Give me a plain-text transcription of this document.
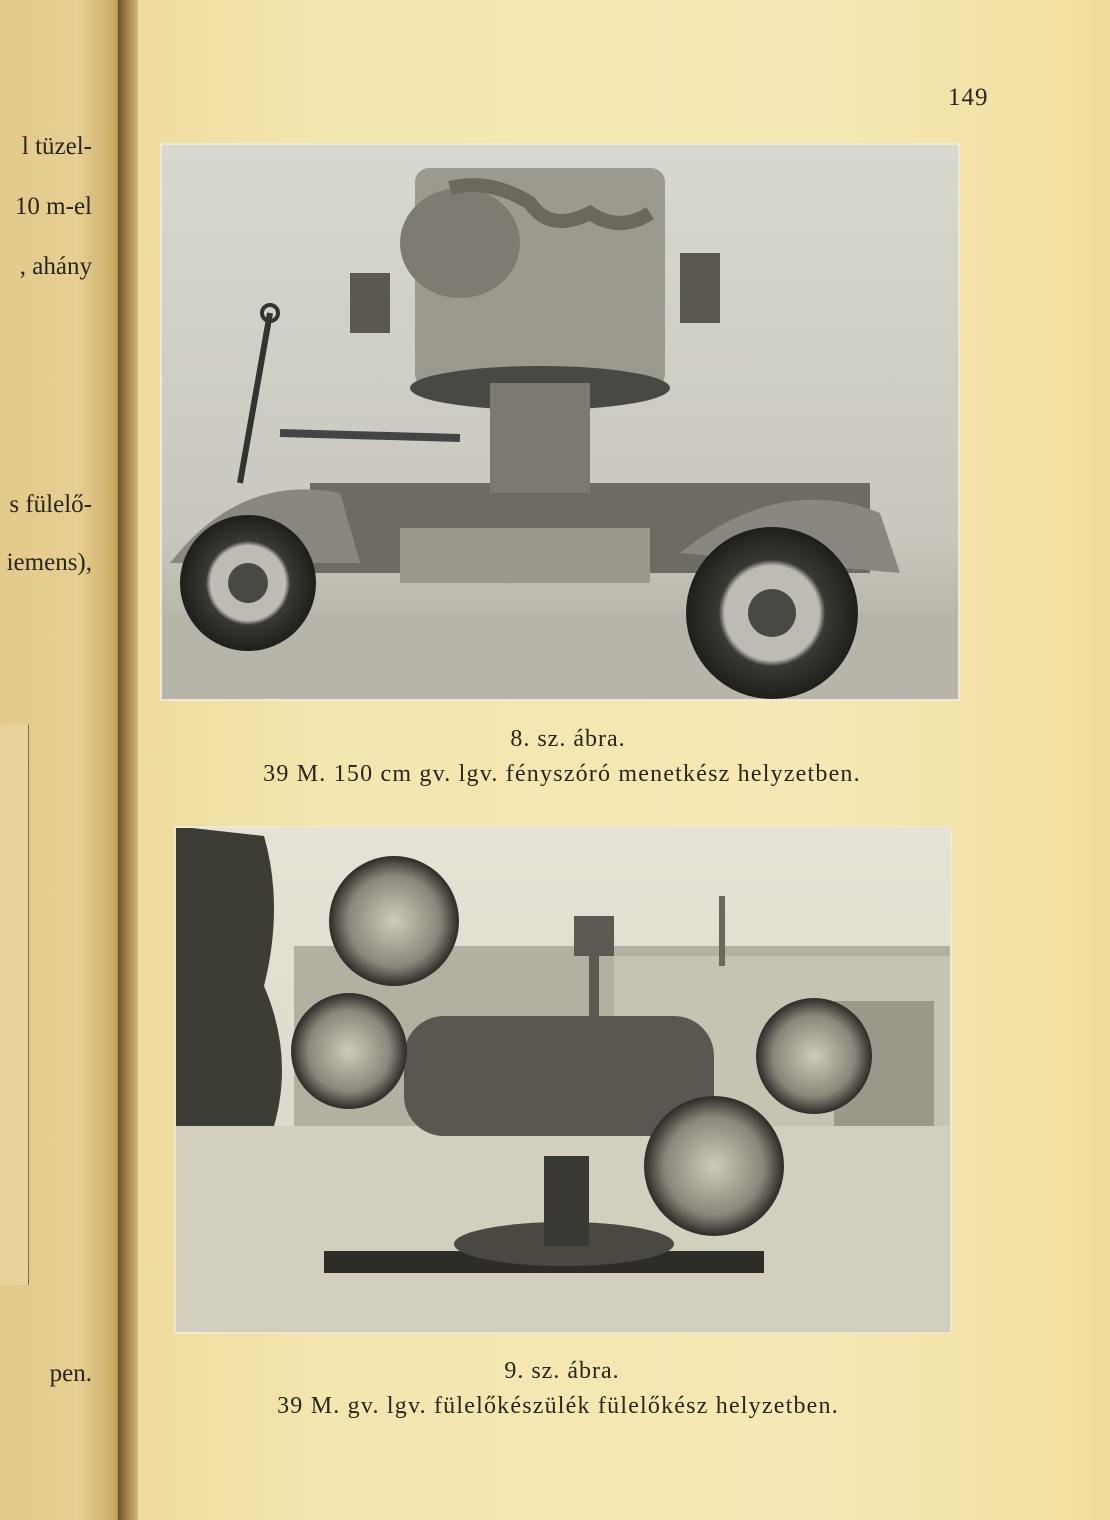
l tüzel-
10 m-el
, ahány
s fülelő-
iemens),
pen.
149
8. sz. ábra.
39 M. 150 cm gv. lgv. fényszóró menetkész helyzetben.
9. sz. ábra.
39 M. gv. lgv. fülelőkészülék fülelőkész helyzetben.
